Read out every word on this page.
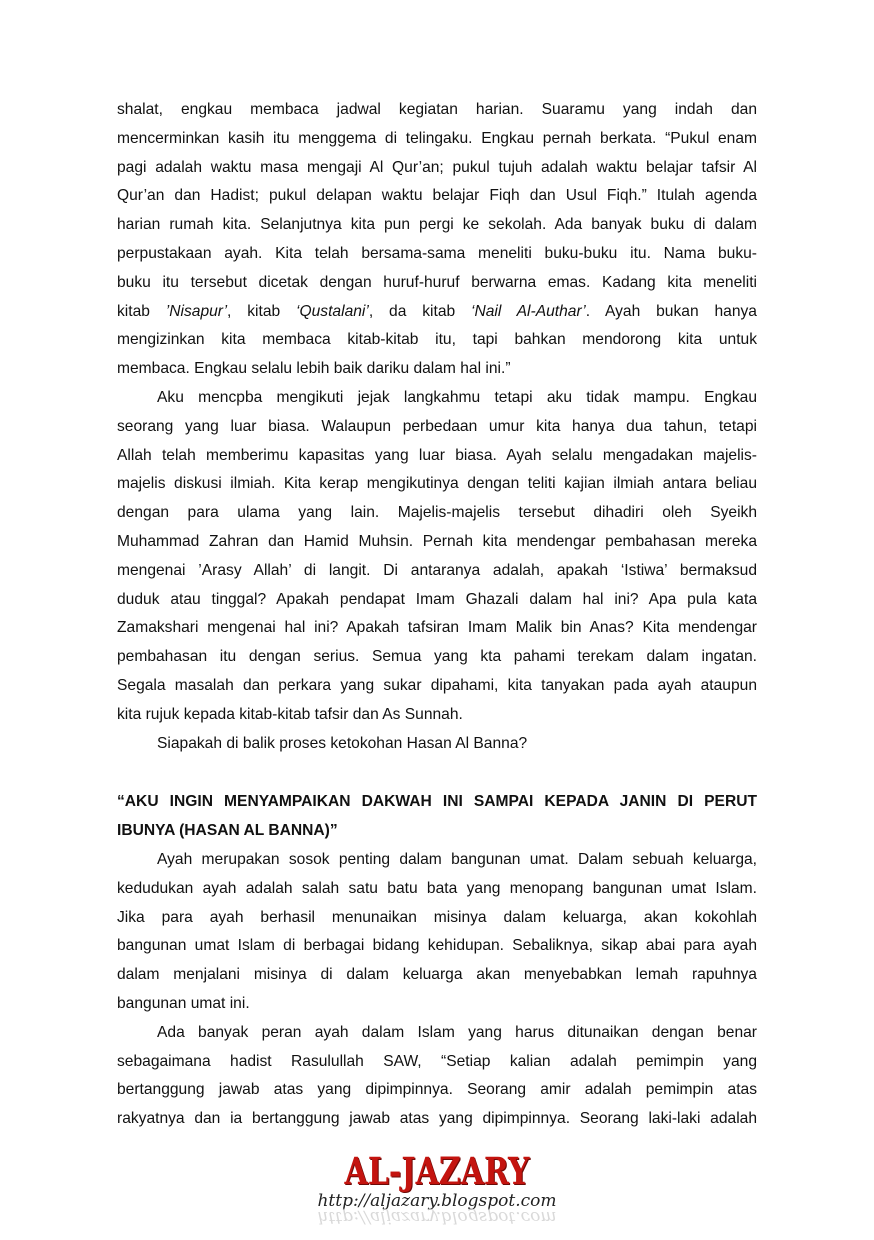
shalat, engkau membaca jadwal kegiatan harian. Suaramu yang indah dan
mencerminkan kasih itu menggema di telingaku. Engkau pernah berkata. “Pukul enam
pagi adalah waktu masa mengaji Al Qur’an; pukul tujuh adalah waktu belajar tafsir Al
Qur’an dan Hadist; pukul delapan waktu belajar Fiqh dan Usul Fiqh.” Itulah agenda
harian rumah kita. Selanjutnya kita pun pergi ke sekolah. Ada banyak buku di dalam
perpustakaan ayah. Kita telah bersama-sama meneliti buku-buku itu. Nama buku-
buku itu tersebut dicetak dengan huruf-huruf berwarna emas. Kadang kita meneliti
kitab ’Nisapur’, kitab ‘Qustalani’, da kitab ‘Nail Al-Authar’. Ayah bukan hanya
mengizinkan kita membaca kitab-kitab itu, tapi bahkan mendorong kita untuk
membaca. Engkau selalu lebih baik dariku dalam hal ini.”
Aku mencpba mengikuti jejak langkahmu tetapi aku tidak mampu. Engkau
seorang yang luar biasa. Walaupun perbedaan umur kita hanya dua tahun, tetapi
Allah telah memberimu kapasitas yang luar biasa. Ayah selalu mengadakan majelis-
majelis diskusi ilmiah. Kita kerap mengikutinya dengan teliti kajian ilmiah antara beliau
dengan para ulama yang lain. Majelis-majelis tersebut dihadiri oleh Syeikh
Muhammad Zahran dan Hamid Muhsin. Pernah kita mendengar pembahasan mereka
mengenai ’Arasy Allah’ di langit. Di antaranya adalah, apakah ‘Istiwa’ bermaksud
duduk atau tinggal? Apakah pendapat Imam Ghazali dalam hal ini? Apa pula kata
Zamakshari mengenai hal ini? Apakah tafsiran Imam Malik bin Anas? Kita mendengar
pembahasan itu dengan serius. Semua yang kta pahami terekam dalam ingatan.
Segala masalah dan perkara yang sukar dipahami, kita tanyakan pada ayah ataupun
kita rujuk kepada kitab-kitab tafsir dan As Sunnah.
Siapakah di balik proses ketokohan Hasan Al Banna?
“AKU INGIN MENYAMPAIKAN DAKWAH INI SAMPAI KEPADA JANIN DI PERUT
IBUNYA (HASAN AL BANNA)”
Ayah merupakan sosok penting dalam bangunan umat. Dalam sebuah keluarga,
kedudukan ayah adalah salah satu batu bata yang menopang bangunan umat Islam.
Jika para ayah berhasil menunaikan misinya dalam keluarga, akan kokohlah
bangunan umat Islam di berbagai bidang kehidupan. Sebaliknya, sikap abai para ayah
dalam menjalani misinya di dalam keluarga akan menyebabkan lemah rapuhnya
bangunan umat ini.
Ada banyak peran ayah dalam Islam yang harus ditunaikan dengan benar
sebagaimana hadist Rasulullah SAW, “Setiap kalian adalah pemimpin yang
bertanggung jawab atas yang dipimpinnya. Seorang amir adalah pemimpin atas
rakyatnya dan ia bertanggung jawab atas yang dipimpinnya. Seorang laki-laki adalah
AL-JAZARY
http://aljazary.blogspot.com
http://aljazary.blogspot.com
